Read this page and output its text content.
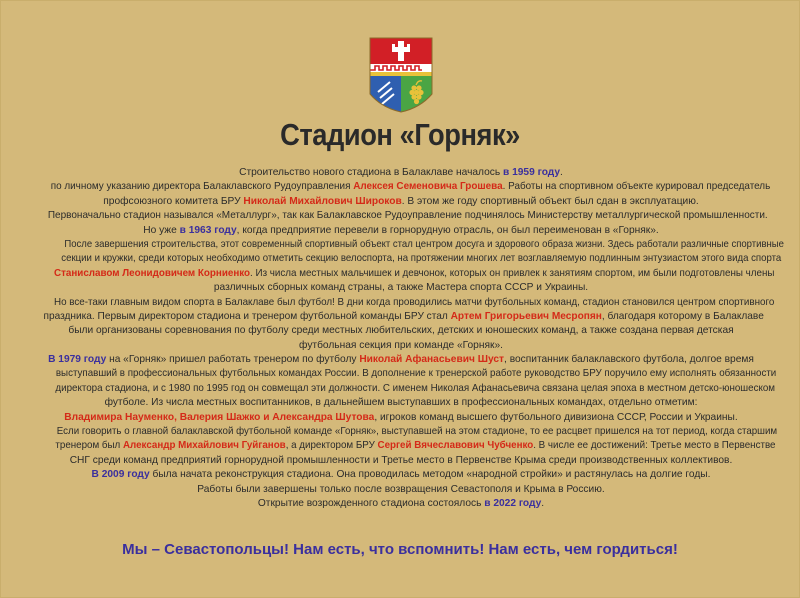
Стадион «Горняк»
Строительство нового стадиона в Балаклаве началось в 1959 году.
по личному указанию директора Балаклавского Рудоуправления Алексея Семеновича Грошева. Работы на спортивном объекте курировал председатель
профсоюзного комитета БРУ Николай Михайлович Широков. В этом же году спортивный объект был сдан в эксплуатацию.
Первоначально стадион назывался «Металлург», так как Балаклавское Рудоуправление подчинялось Министерству металлургической промышленности.
Но уже в 1963 году, когда предприятие перевели в горнорудную отрасль, он был переименован в «Горняк».
После завершения строительства, этот современный спортивный объект стал центром досуга и здорового образа жизни. Здесь работали различные спортивные
секции и кружки, среди которых необходимо отметить секцию велоспорта, на протяжении многих лет возглавляемую подлинным энтузиастом этого вида спорта
Станиславом Леонидовичем Корниенко. Из числа местных мальчишек и девчонок, которых он привлек к занятиям спортом, им были подготовлены члены
различных сборных команд страны, а также Мастера спорта СССР и Украины.
Но все-таки главным видом спорта в Балаклаве был футбол! В дни когда проводились матчи футбольных команд, стадион становился центром спортивного
праздника. Первым директором стадиона и тренером футбольной команды БРУ стал Артем Григорьевич Месропян, благодаря которому в Балаклаве
были организованы соревнования по футболу среди местных любительских, детских и юношеских команд, а также создана первая детская
футбольная секция при команде «Горняк».
В 1979 году на «Горняк» пришел работать тренером по футболу Николай Афанасьевич Шуст, воспитанник балаклавского футбола, долгое время
выступавший в профессиональных футбольных командах России. В дополнение к тренерской работе руководство БРУ поручило ему исполнять обязанности
директора стадиона, и с 1980 по 1995 год он совмещал эти должности. С именем Николая Афанасьевича связана целая эпоха в местном детско-юношеском
футболе. Из числа местных воспитанников, в дальнейшем выступавших в профессиональных командах, отдельно отметим:
Владимира Науменко, Валерия Шажко и Александра Шутова, игроков команд высшего футбольного дивизиона СССР, России и Украины.
Если говорить о главной балаклавской футбольной команде «Горняк», выступавшей на этом стадионе, то ее расцвет пришелся на тот период, когда старшим
тренером был Александр Михайлович Гуйганов, а директором БРУ Сергей Вячеславович Чубченко. В числе ее достижений: Третье место в Первенстве
СНГ среди команд предприятий горнорудной промышленности и Третье место в Первенстве Крыма среди производственных коллективов.
В 2009 году была начата реконструкция стадиона. Она проводилась методом «народной стройки» и растянулась на долгие годы.
Работы были завершены только после возвращения Севастополя и Крыма в Россию.
Открытие возрожденного стадиона состоялось в 2022 году.
Мы – Севастопольцы! Нам есть, что вспомнить! Нам есть, чем гордиться!
